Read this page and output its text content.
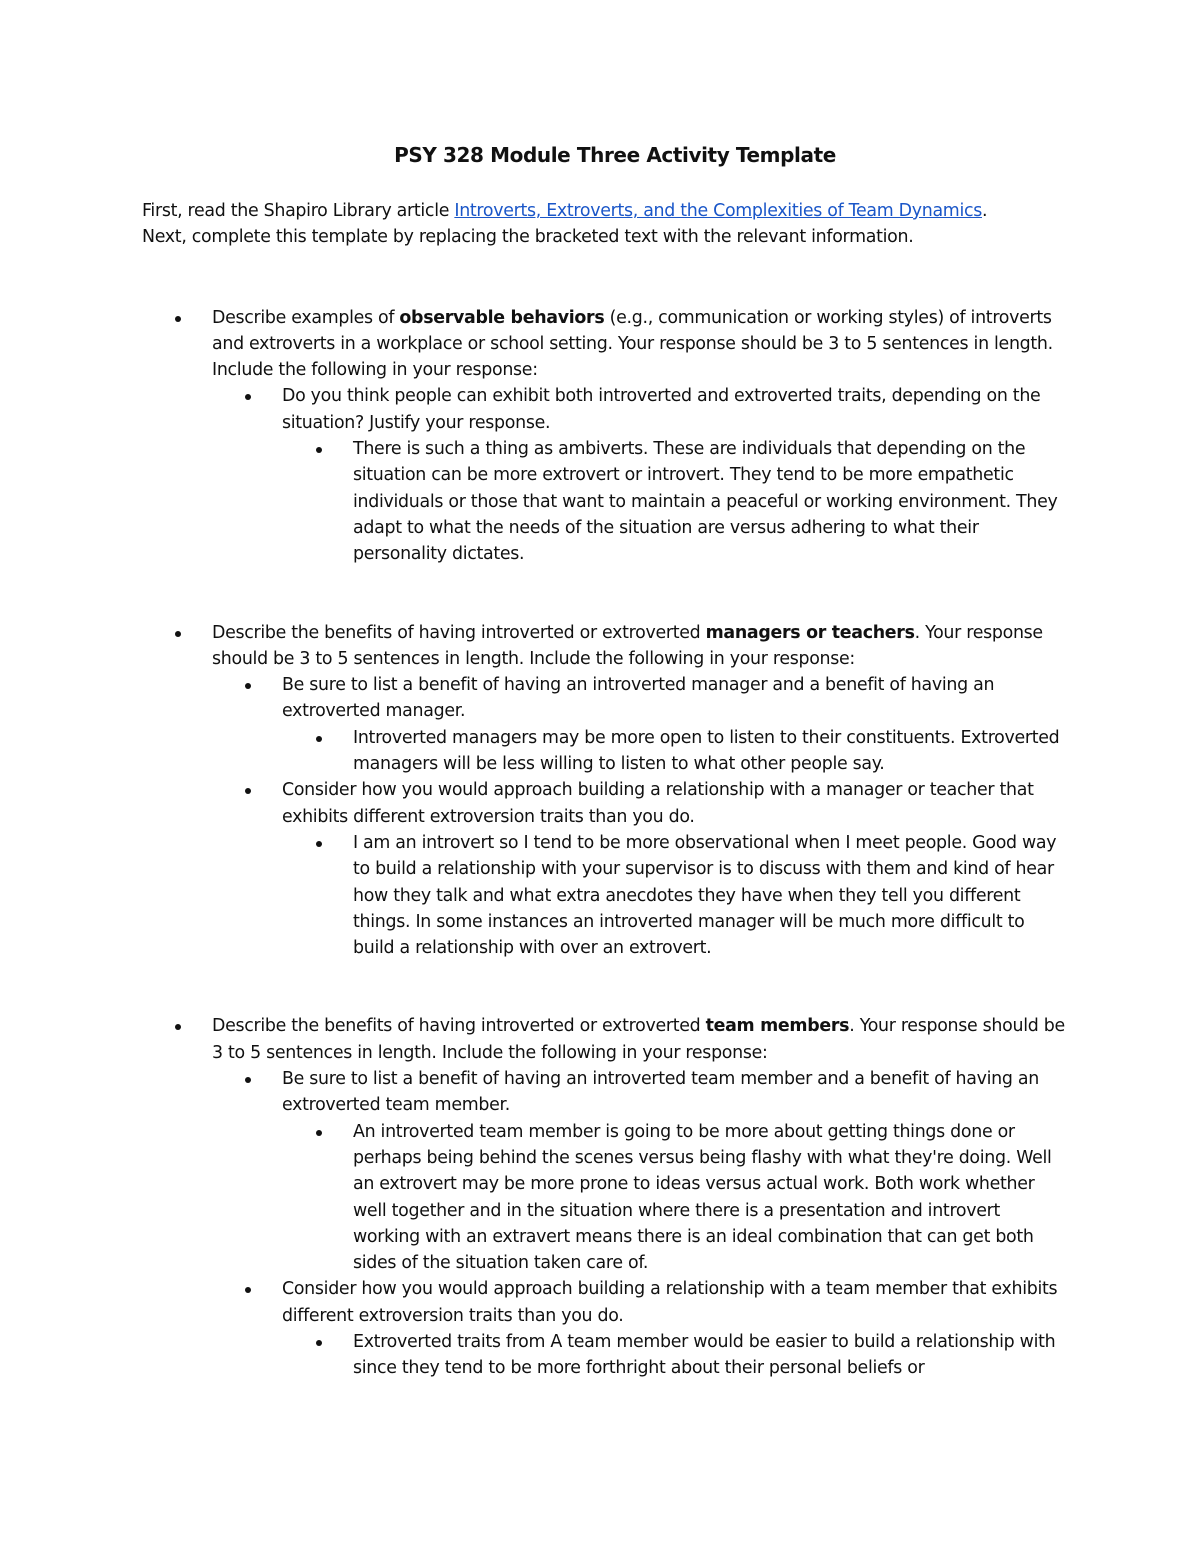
PSY 328 Module Three Activity Template

First, read the Shapiro Library article Introverts, Extroverts, and the Complexities of Team Dynamics.
Next, complete this template by replacing the bracketed text with the relevant information.

Describe examples of observable behaviors (e.g., communication or working styles) of introverts and extroverts in a workplace or school setting. Your response should be 3 to 5 sentences in length. Include the following in your response:
Do you think people can exhibit both introverted and extroverted traits, depending on the situation? Justify your response.
There is such a thing as ambiverts. These are individuals that depending on the situation can be more extrovert or introvert. They tend to be more empathetic individuals or those that want to maintain a peaceful or working environment. They adapt to what the needs of the situation are versus adhering to what their personality dictates.
Describe the benefits of having introverted or extroverted managers or teachers. Your response should be 3 to 5 sentences in length. Include the following in your response:
Be sure to list a benefit of having an introverted manager and a benefit of having an extroverted manager.
Introverted managers may be more open to listen to their constituents. Extroverted managers will be less willing to listen to what other people say.
Consider how you would approach building a relationship with a manager or teacher that exhibits different extroversion traits than you do.
I am an introvert so I tend to be more observational when I meet people. Good way to build a relationship with your supervisor is to discuss with them and kind of hear how they talk and what extra anecdotes they have when they tell you different things. In some instances an introverted manager will be much more difficult to build a relationship with over an extrovert.
Describe the benefits of having introverted or extroverted team members. Your response should be 3 to 5 sentences in length. Include the following in your response:
Be sure to list a benefit of having an introverted team member and a benefit of having an extroverted team member.
An introverted team member is going to be more about getting things done or perhaps being behind the scenes versus being flashy with what they're doing. Well an extrovert may be more prone to ideas versus actual work. Both work whether well together and in the situation where there is a presentation and introvert working with an extravert means there is an ideal combination that can get both sides of the situation taken care of.
Consider how you would approach building a relationship with a team member that exhibits different extroversion traits than you do.
Extroverted traits from A team member would be easier to build a relationship with since they tend to be more forthright about their personal beliefs or
